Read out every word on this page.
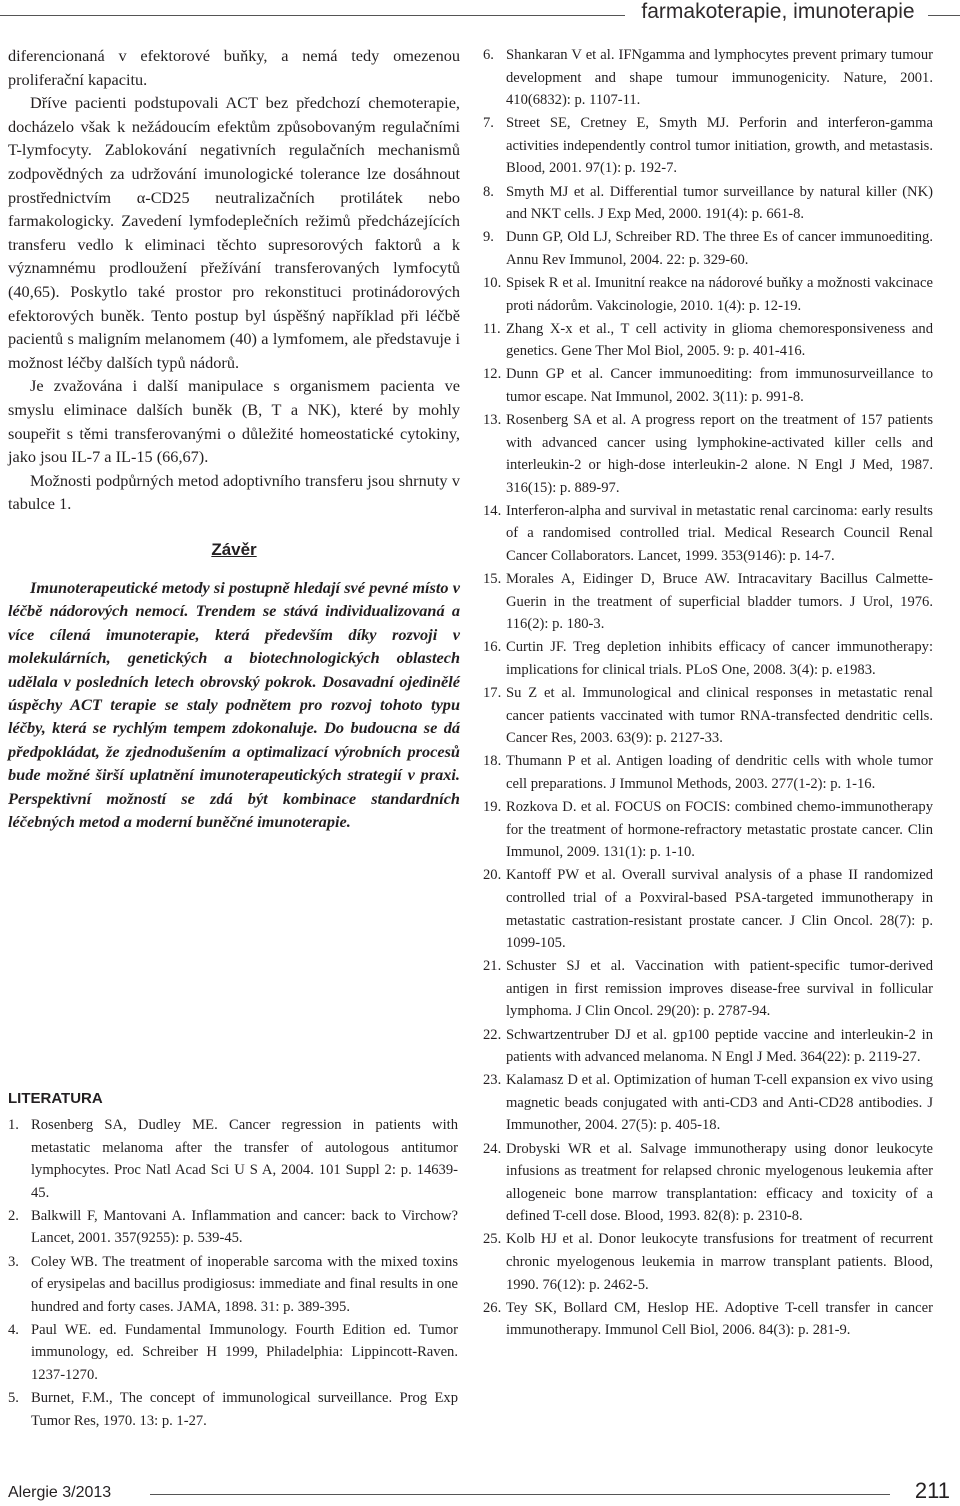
farmakoterapie, imunoterapie

diferencionaná v efektorové buňky, a nemá tedy omezenou proliferační kapacitu.

Dříve pacienti podstupovali ACT bez předchozí chemoterapie, docházelo však k nežádoucím efektům způsobovaným regulačními T-lymfocyty. Zablokování negativních regulačních mechanismů zodpovědných za udržování imunologické tolerance lze dosáhnout prostřednictvím α-CD25 neutralizačních protilátek nebo farmakologicky. Zavedení lymfodeplečních režimů předcházejících transferu vedlo k eliminaci těchto supresorových faktorů a k významnému prodloužení přežívání transferovaných lymfocytů (40,65). Poskytlo také prostor pro rekonstituci protinádorových efektorových buněk. Tento postup byl úspěšný například při léčbě pacientů s maligním melanomem (40) a lymfomem, ale představuje i možnost léčby dalších typů nádorů.

Je zvažována i další manipulace s organismem pacienta ve smyslu eliminace dalších buněk (B, T a NK), které by mohly soupeřit s těmi transferovanými o důležité homeostatické cytokiny, jako jsou IL-7 a IL-15 (66,67).

Možnosti podpůrných metod adoptivního transferu jsou shrnuty v tabulce 1.

Závěr

Imunoterapeutické metody si postupně hledají své pevné místo v léčbě nádorových nemocí. Trendem se stává individualizovaná a více cílená imunoterapie, která především díky rozvoji v molekulárních, genetických a biotechnologických oblastech udělala v posledních letech obrovský pokrok. Dosavadní ojedinělé úspěchy ACT terapie se staly podnětem pro rozvoj tohoto typu léčby, která se rychlým tempem zdokonaluje. Do budoucna se dá předpokládat, že zjednodušením a optimalizací výrobních procesů bude možné širší uplatnění imunoterapeutických strategií v praxi. Perspektivní možností se zdá být kombinace standardních léčebných metod a moderní buněčné imunoterapie.

LITERATURA
1. Rosenberg SA, Dudley ME. Cancer regression in patients with metastatic melanoma after the transfer of autologous antitumor lymphocytes. Proc Natl Acad Sci U S A, 2004. 101 Suppl 2: p. 14639-45.
2. Balkwill F, Mantovani A. Inflammation and cancer: back to Virchow? Lancet, 2001. 357(9255): p. 539-45.
3. Coley WB. The treatment of inoperable sarcoma with the mixed toxins of erysipelas and bacillus prodigiosus: immediate and final results in one hundred and forty cases. JAMA, 1898. 31: p. 389-395.
4. Paul WE. ed. Fundamental Immunology. Fourth Edition ed. Tumor immunology, ed. Schreiber H 1999, Philadelphia: Lippincott-Raven. 1237-1270.
5. Burnet, F.M., The concept of immunological surveillance. Prog Exp Tumor Res, 1970. 13: p. 1-27.
6. Shankaran V et al. IFNgamma and lymphocytes prevent primary tumour development and shape tumour immunogenicity. Nature, 2001. 410(6832): p. 1107-11.
7. Street SE, Cretney E, Smyth MJ. Perforin and interferon-gamma activities independently control tumor initiation, growth, and metastasis. Blood, 2001. 97(1): p. 192-7.
8. Smyth MJ et al. Differential tumor surveillance by natural killer (NK) and NKT cells. J Exp Med, 2000. 191(4): p. 661-8.
9. Dunn GP, Old LJ, Schreiber RD. The three Es of cancer immunoediting. Annu Rev Immunol, 2004. 22: p. 329-60.
10. Spisek R et al. Imunitní reakce na nádorové buňky a možnosti vakcinace proti nádorům. Vakcinologie, 2010. 1(4): p. 12-19.
11. Zhang X-x et al., T cell activity in glioma chemoresponsiveness and genetics. Gene Ther Mol Biol, 2005. 9: p. 401-416.
12. Dunn GP et al. Cancer immunoediting: from immunosurveillance to tumor escape. Nat Immunol, 2002. 3(11): p. 991-8.
13. Rosenberg SA et al. A progress report on the treatment of 157 patients with advanced cancer using lymphokine-activated killer cells and interleukin-2 or high-dose interleukin-2 alone. N Engl J Med, 1987. 316(15): p. 889-97.
14. Interferon-alpha and survival in metastatic renal carcinoma: early results of a randomised controlled trial. Medical Research Council Renal Cancer Collaborators. Lancet, 1999. 353(9146): p. 14-7.
15. Morales A, Eidinger D, Bruce AW. Intracavitary Bacillus Calmette-Guerin in the treatment of superficial bladder tumors. J Urol, 1976. 116(2): p. 180-3.
16. Curtin JF. Treg depletion inhibits efficacy of cancer immunotherapy: implications for clinical trials. PLoS One, 2008. 3(4): p. e1983.
17. Su Z et al. Immunological and clinical responses in metastatic renal cancer patients vaccinated with tumor RNA-transfected dendritic cells. Cancer Res, 2003. 63(9): p. 2127-33.
18. Thumann P et al. Antigen loading of dendritic cells with whole tumor cell preparations. J Immunol Methods, 2003. 277(1-2): p. 1-16.
19. Rozkova D. et al. FOCUS on FOCIS: combined chemo-immunotherapy for the treatment of hormone-refractory metastatic prostate cancer. Clin Immunol, 2009. 131(1): p. 1-10.
20. Kantoff PW et al. Overall survival analysis of a phase II randomized controlled trial of a Poxviral-based PSA-targeted immunotherapy in metastatic castration-resistant prostate cancer. J Clin Oncol. 28(7): p. 1099-105.
21. Schuster SJ et al. Vaccination with patient-specific tumor-derived antigen in first remission improves disease-free survival in follicular lymphoma. J Clin Oncol. 29(20): p. 2787-94.
22. Schwartzentruber DJ et al. gp100 peptide vaccine and interleukin-2 in patients with advanced melanoma. N Engl J Med. 364(22): p. 2119-27.
23. Kalamasz D et al. Optimization of human T-cell expansion ex vivo using magnetic beads conjugated with anti-CD3 and Anti-CD28 antibodies. J Immunother, 2004. 27(5): p. 405-18.
24. Drobyski WR et al. Salvage immunotherapy using donor leukocyte infusions as treatment for relapsed chronic myelogenous leukemia after allogeneic bone marrow transplantation: efficacy and toxicity of a defined T-cell dose. Blood, 1993. 82(8): p. 2310-8.
25. Kolb HJ et al. Donor leukocyte transfusions for treatment of recurrent chronic myelogenous leukemia in marrow transplant patients. Blood, 1990. 76(12): p. 2462-5.
26. Tey SK, Bollard CM, Heslop HE. Adoptive T-cell transfer in cancer immunotherapy. Immunol Cell Biol, 2006. 84(3): p. 281-9.
Alergie 3/2013	211
